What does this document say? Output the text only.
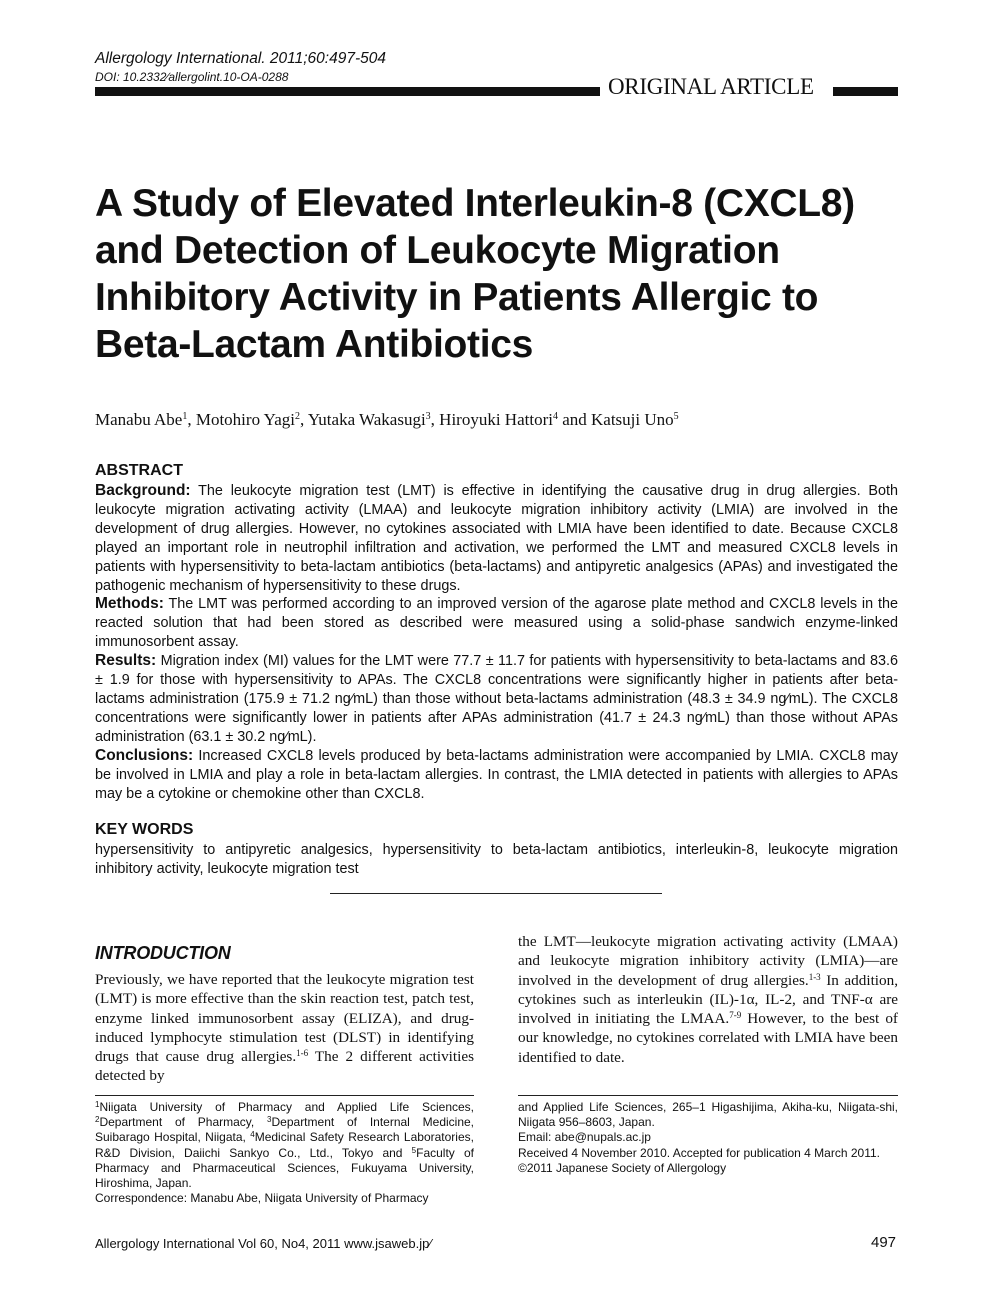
Allergology International. 2011;60:497-504
DOI: 10.2332∕allergolint.10-OA-0288	ORIGINAL ARTICLE
A Study of Elevated Interleukin-8 (CXCL8) and Detection of Leukocyte Migration Inhibitory Activity in Patients Allergic to Beta-Lactam Antibiotics
Manabu Abe$^1$, Motohiro Yagi$^2$, Yutaka Wakasugi$^3$, Hiroyuki Hattori$^4$ and Katsuji Uno$^5$
ABSTRACT

Background: The leukocyte migration test (LMT) is effective in identifying the causative drug in drug allergies. Both leukocyte migration activating activity (LMAA) and leukocyte migration inhibitory activity (LMIA) are involved in the development of drug allergies. However, no cytokines associated with LMIA have been identified to date. Because CXCL8 played an important role in neutrophil infiltration and activation, we performed the LMT and measured CXCL8 levels in patients with hypersensitivity to beta-lactam antibiotics (beta-lactams) and antipyretic analgesics (APAs) and investigated the pathogenic mechanism of hypersensitivity to these drugs.

Methods: The LMT was performed according to an improved version of the agarose plate method and CXCL8 levels in the reacted solution that had been stored as described were measured using a solid-phase sandwich enzyme-linked immunosorbent assay.

Results: Migration index (MI) values for the LMT were 77.7 ± 11.7 for patients with hypersensitivity to beta-lactams and 83.6 ± 1.9 for those with hypersensitivity to APAs. The CXCL8 concentrations were significantly higher in patients after beta-lactams administration (175.9 ± 71.2 ng∕mL) than those without beta-lactams administration (48.3 ± 34.9 ng∕mL). The CXCL8 concentrations were significantly lower in patients after APAs administration (41.7 ± 24.3 ng∕mL) than those without APAs administration (63.1 ± 30.2 ng∕mL).

Conclusions: Increased CXCL8 levels produced by beta-lactams administration were accompanied by LMIA. CXCL8 may be involved in LMIA and play a role in beta-lactam allergies. In contrast, the LMIA detected in patients with allergies to APAs may be a cytokine or chemokine other than CXCL8.

KEY WORDS
hypersensitivity to antipyretic analgesics, hypersensitivity to beta-lactam antibiotics, interleukin-8, leukocyte migration inhibitory activity, leukocyte migration test
INTRODUCTION
Previously, we have reported that the leukocyte migration test (LMT) is more effective than the skin reaction test, patch test, enzyme linked immunosorbent assay (ELIZA), and drug-induced lymphocyte stimulation test (DLST) in identifying drugs that cause drug allergies.$^{1-6}$ The 2 different activities detected by
the LMT—leukocyte migration activating activity (LMAA) and leukocyte migration inhibitory activity (LMIA)—are involved in the development of drug allergies.$^{1-3}$ In addition, cytokines such as interleukin (IL)-1α, IL-2, and TNF-α are involved in initiating the LMAA.$^{7-9}$ However, to the best of our knowledge, no cytokines correlated with LMIA have been identified to date.
$^1$Niigata University of Pharmacy and Applied Life Sciences, $^2$Department of Pharmacy, $^3$Department of Internal Medicine, Suibarago Hospital, Niigata, $^4$Medicinal Safety Research Laboratories, R&D Division, Daiichi Sankyo Co., Ltd., Tokyo and $^5$Faculty of Pharmacy and Pharmaceutical Sciences, Fukuyama University, Hiroshima, Japan.
Correspondence: Manabu Abe, Niigata University of Pharmacy
and Applied Life Sciences, 265–1 Higashijima, Akiha-ku, Niigata-shi, Niigata 956–8603, Japan.
Email: abe@nupals.ac.jp
Received 4 November 2010. Accepted for publication 4 March 2011.
©2011 Japanese Society of Allergology
Allergology International Vol 60, No4, 2011 www.jsaweb.jp∕	497
